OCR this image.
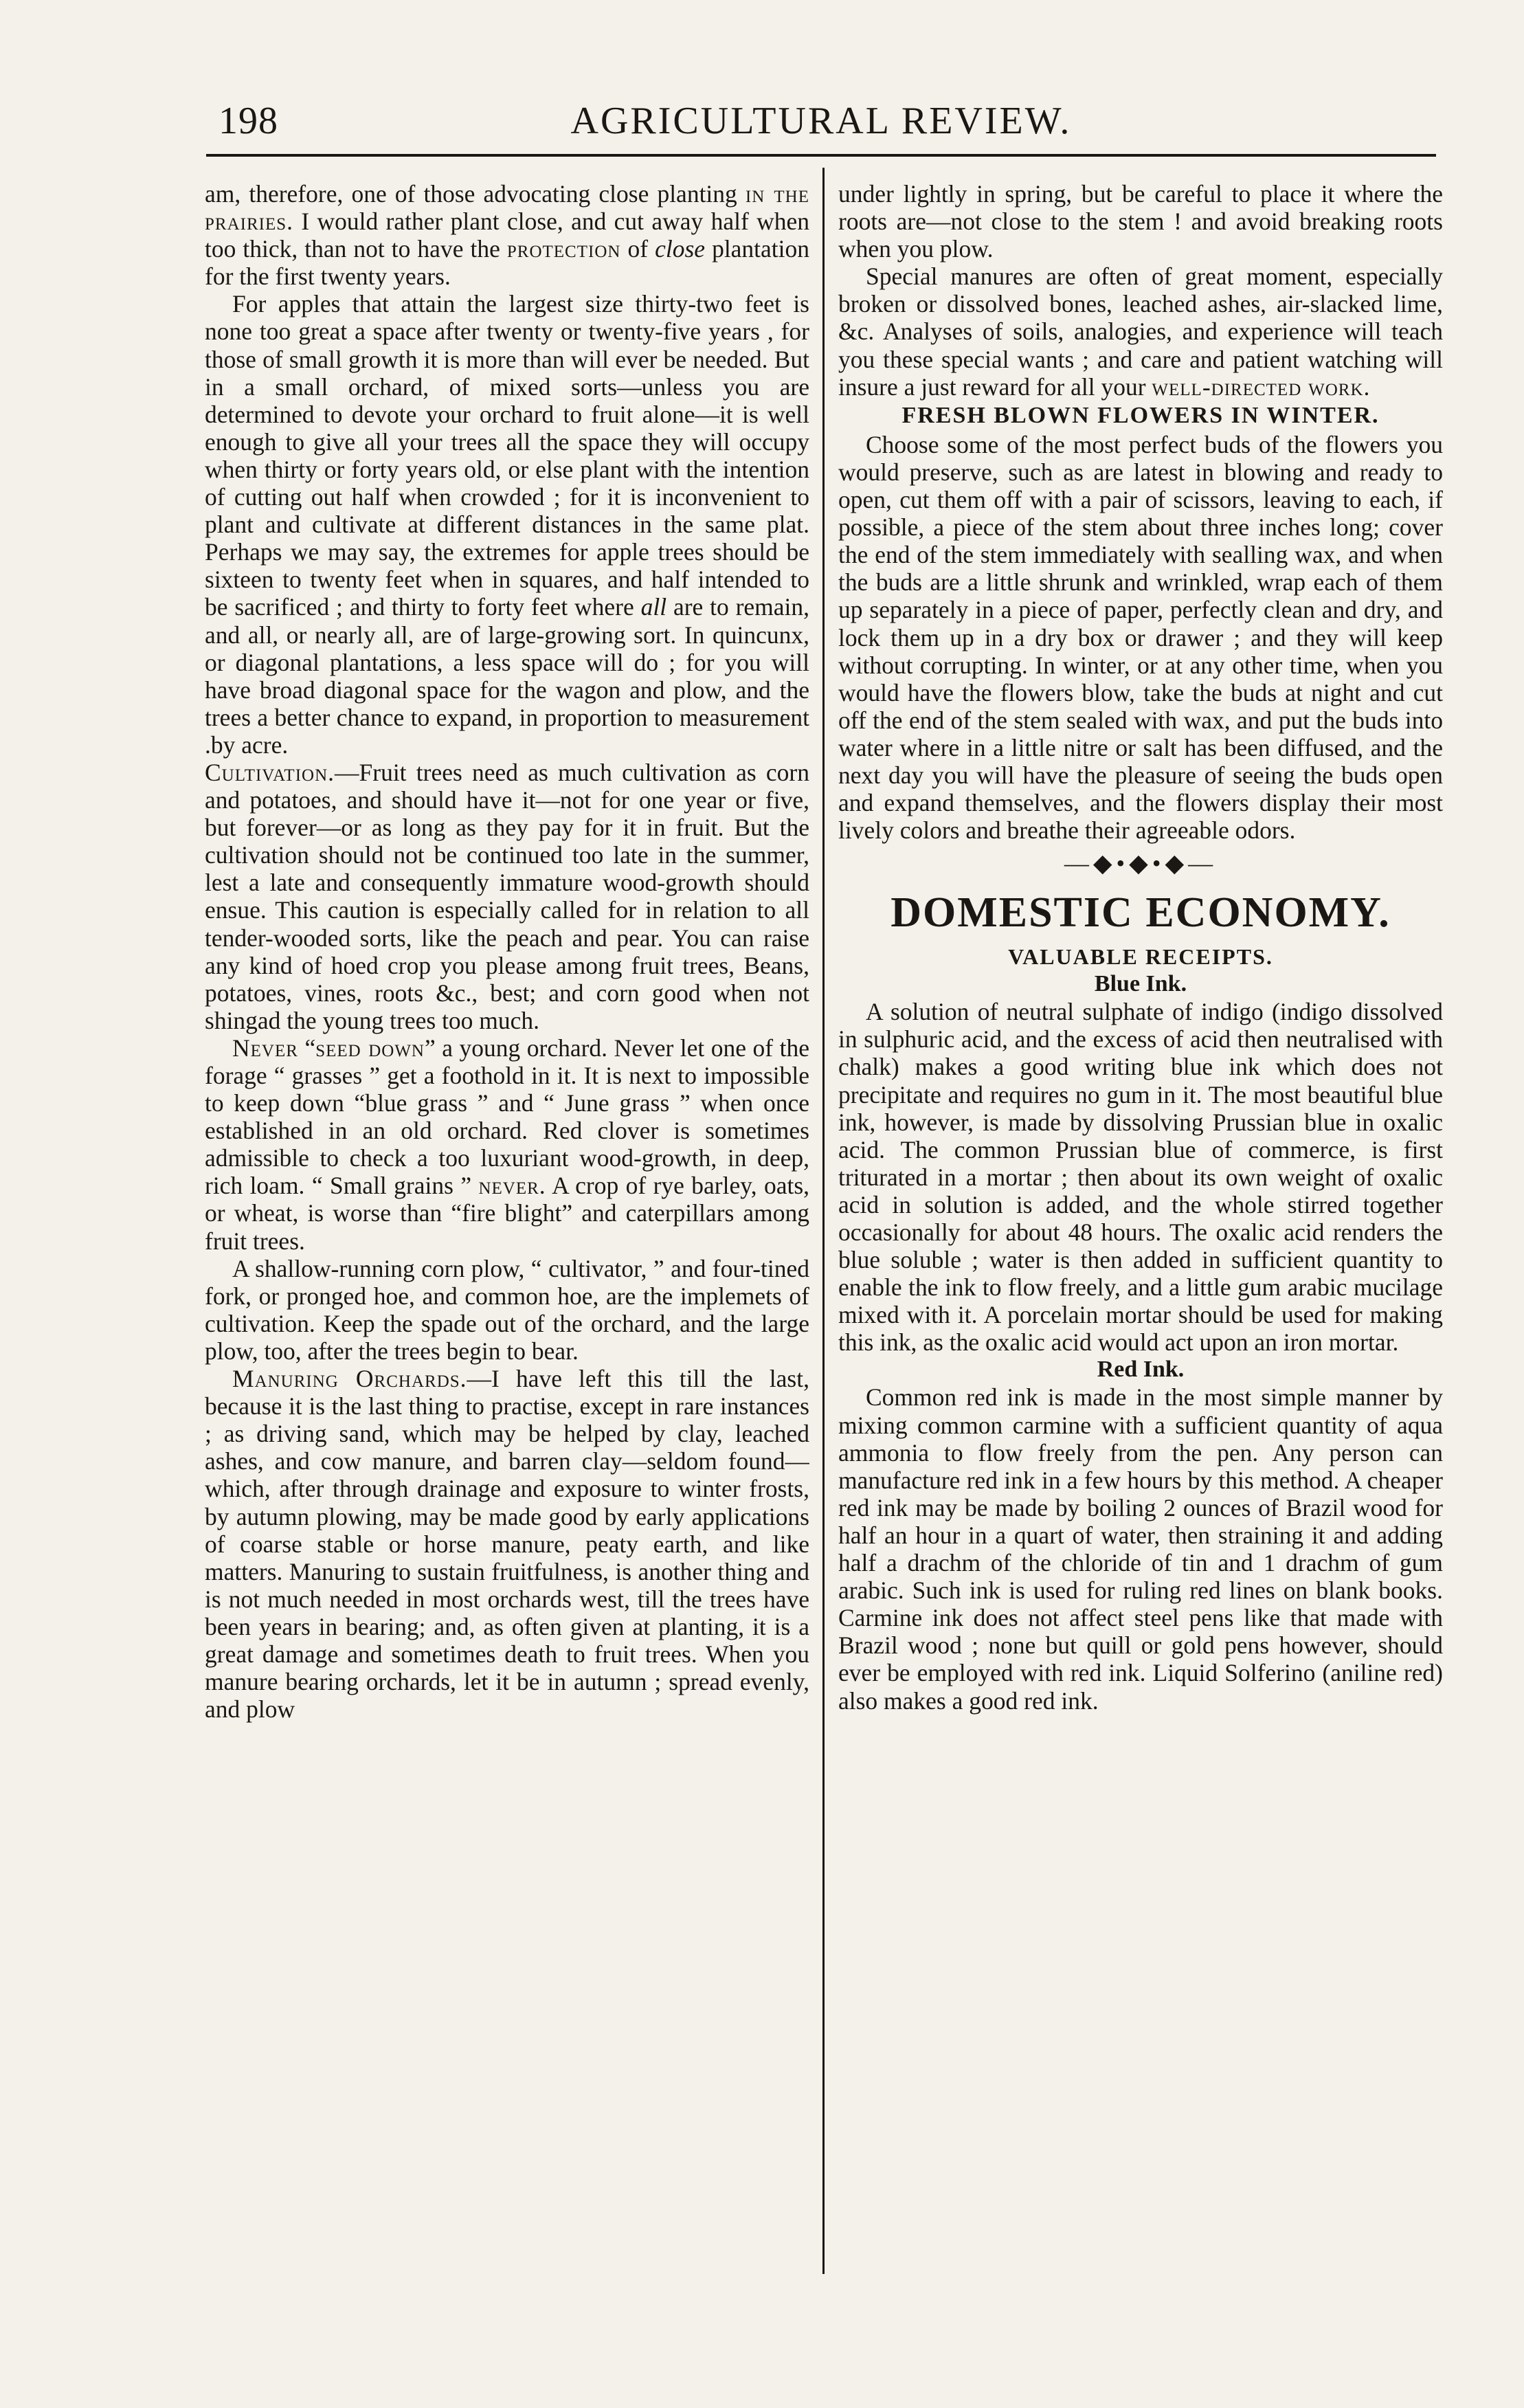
AGRICULTURAL REVIEW.
198

am, therefore, one of those advocating close planting in the prairies. I would rather plant close, and cut away half when too thick, than not to have the protection of close plantation for the first twenty years.

For apples that attain the largest size thirty-two feet is none too great a space after twenty or twenty-five years , for those of small growth it is more than will ever be needed. But in a small orchard, of mixed sorts—unless you are determined to devote your orchard to fruit alone—it is well enough to give all your trees all the space they will occupy when thirty or forty years old, or else plant with the intention of cutting out half when crowded ; for it is inconvenient to plant and cultivate at different distances in the same plat. Perhaps we may say, the extremes for apple trees should be sixteen to twenty feet when in squares, and half intended to be sacrificed ; and thirty to forty feet where all are to remain, and all, or nearly all, are of large-growing sort. In quincunx, or diagonal plantations, a less space will do ; for you will have broad diagonal space for the wagon and plow, and the trees a better chance to expand, in proportion to measurement .by acre.

Cultivation.—Fruit trees need as much cultivation as corn and potatoes, and should have it—not for one year or five, but forever—or as long as they pay for it in fruit. But the cultivation should not be continued too late in the summer, lest a late and consequently immature wood-growth should ensue. This caution is especially called for in relation to all tender-wooded sorts, like the peach and pear. You can raise any kind of hoed crop you please among fruit trees, Beans, potatoes, vines, roots &c., best; and corn good when not shingad the young trees too much.

Never “seed down” a young orchard. Never let one of the forage “ grasses ” get a foothold in it. It is next to impossible to keep down “blue grass ” and “ June grass ” when once established in an old orchard. Red clover is sometimes admissible to check a too luxuriant wood-growth, in deep, rich loam. “ Small grains ” never. A crop of rye barley, oats, or wheat, is worse than “fire blight” and caterpillars among fruit trees.

A shallow-running corn plow, “ cultivator, ” and four-tined fork, or pronged hoe, and common hoe, are the implemets of cultivation. Keep the spade out of the orchard, and the large plow, too, after the trees begin to bear.

Manuring Orchards.—I have left this till the last, because it is the last thing to practise, except in rare instances ; as driving sand, which may be helped by clay, leached ashes, and cow manure, and barren clay—seldom found—which, after through drainage and exposure to winter frosts, by autumn plowing, may be made good by early applications of coarse stable or horse manure, peaty earth, and like matters. Manuring to sustain fruitfulness, is another thing and is not much needed in most orchards west, till the trees have been years in bearing; and, as often given at planting, it is a great damage and sometimes death to fruit trees. When you manure bearing orchards, let it be in autumn ; spread evenly, and plow

under lightly in spring, but be careful to place it where the roots are—not close to the stem ! and avoid breaking roots when you plow.

Special manures are often of great moment, especially broken or dissolved bones, leached ashes, air-slacked lime, &c. Analyses of soils, analogies, and experience will teach you these special wants ; and care and patient watching will insure a just reward for all your well-directed work.

FRESH BLOWN FLOWERS IN WINTER.

Choose some of the most perfect buds of the flowers you would preserve, such as are latest in blowing and ready to open, cut them off with a pair of scissors, leaving to each, if possible, a piece of the stem about three inches long; cover the end of the stem immediately with sealling wax, and when the buds are a little shrunk and wrinkled, wrap each of them up separately in a piece of paper, perfectly clean and dry, and lock them up in a dry box or drawer ; and they will keep without corrupting. In winter, or at any other time, when you would have the flowers blow, take the buds at night and cut off the end of the stem sealed with wax, and put the buds into water where in a little nitre or salt has been diffused, and the next day you will have the pleasure of seeing the buds open and expand themselves, and the flowers display their most lively colors and breathe their agreeable odors.

—◆•◆•◆—
DOMESTIC ECONOMY.
VALUABLE RECEIPTS.
Blue Ink.

A solution of neutral sulphate of indigo (indigo dissolved in sulphuric acid, and the excess of acid then neutralised with chalk) makes a good writing blue ink which does not precipitate and requires no gum in it. The most beautiful blue ink, however, is made by dissolving Prussian blue in oxalic acid. The common Prussian blue of commerce, is first triturated in a mortar ; then about its own weight of oxalic acid in solution is added, and the whole stirred together occasionally for about 48 hours. The oxalic acid renders the blue soluble ; water is then added in sufficient quantity to enable the ink to flow freely, and a little gum arabic mucilage mixed with it. A porcelain mortar should be used for making this ink, as the oxalic acid would act upon an iron mortar.

Red Ink.

Common red ink is made in the most simple manner by mixing common carmine with a sufficient quantity of aqua ammonia to flow freely from the pen. Any person can manufacture red ink in a few hours by this method. A cheaper red ink may be made by boiling 2 ounces of Brazil wood for half an hour in a quart of water, then straining it and adding half a drachm of the chloride of tin and 1 drachm of gum arabic. Such ink is used for ruling red lines on blank books. Carmine ink does not affect steel pens like that made with Brazil wood ; none but quill or gold pens however, should ever be employed with red ink. Liquid Solferino (aniline red) also makes a good red ink.
